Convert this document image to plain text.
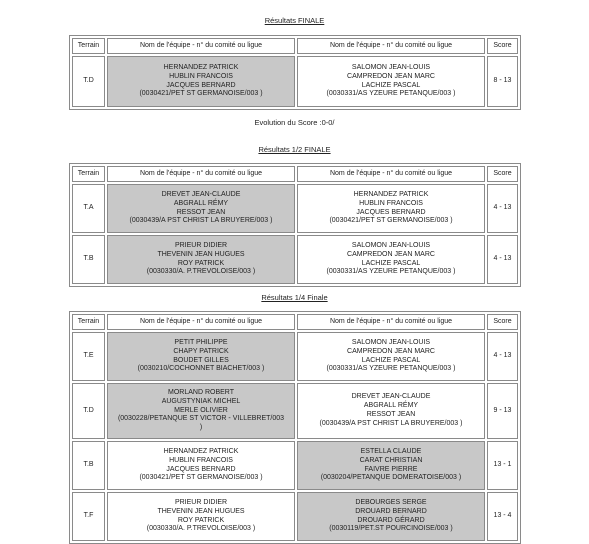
Résultats FINALE
Terrain	Nom de l'équipe - n° du comité ou ligue	Nom de l'équipe - n° du comité ou ligue	Score
T.D	HERNANDEZ PATRICK
HUBLIN FRANCOIS
JACQUES BERNARD
(0030421/PET ST GERMANOISE/003 )	SALOMON JEAN-LOUIS
CAMPREDON JEAN MARC
LACHIZE PASCAL
(0030331/AS YZEURE PETANQUE/003 )	8 - 13
Evolution du Score :0-0/
Résultats 1/2 FINALE
Terrain	Nom de l'équipe - n° du comité ou ligue	Nom de l'équipe - n° du comité ou ligue	Score
T.A	DREVET JEAN-CLAUDE
ABGRALL RÉMY
RESSOT JEAN
(0030439/A PST CHRIST LA BRUYERE/003 )	HERNANDEZ PATRICK
HUBLIN FRANCOIS
JACQUES BERNARD
(0030421/PET ST GERMANOISE/003 )	4 - 13
T.B	PRIEUR DIDIER
THEVENIN JEAN HUGUES
ROY PATRICK
(0030330/A. P.TREVOLOISE/003 )	SALOMON JEAN-LOUIS
CAMPREDON JEAN MARC
LACHIZE PASCAL
(0030331/AS YZEURE PETANQUE/003 )	4 - 13
Résultats 1/4 Finale
Terrain	Nom de l'équipe - n° du comité ou ligue	Nom de l'équipe - n° du comité ou ligue	Score
T.E	PETIT PHILIPPE
CHAPY PATRICK
BOUDET GILLES
(0030210/COCHONNET BIACHET/003 )	SALOMON JEAN-LOUIS
CAMPREDON JEAN MARC
LACHIZE PASCAL
(0030331/AS YZEURE PETANQUE/003 )	4 - 13
T.D	MORLAND ROBERT
AUGUSTYNIAK MICHEL
MERLE OLIVIER
(0030228/PETANQUE ST VICTOR - VILLEBRET/003
)	DREVET JEAN-CLAUDE
ABGRALL RÉMY
RESSOT JEAN
(0030439/A PST CHRIST LA BRUYERE/003 )	9 - 13
T.B	HERNANDEZ PATRICK
HUBLIN FRANCOIS
JACQUES BERNARD
(0030421/PET ST GERMANOISE/003 )	ESTELLA CLAUDE
CARAT CHRISTIAN
FAIVRE PIERRE
(0030204/PETANQUE DOMERATOISE/003 )	13 - 1
T.F	PRIEUR DIDIER
THEVENIN JEAN HUGUES
ROY PATRICK
(0030330/A. P.TREVOLOISE/003 )	DEBOURGES SERGE
DROUARD BERNARD
DROUARD GÉRARD
(0030119/PET.ST POURCINOISE/003 )	13 - 4
